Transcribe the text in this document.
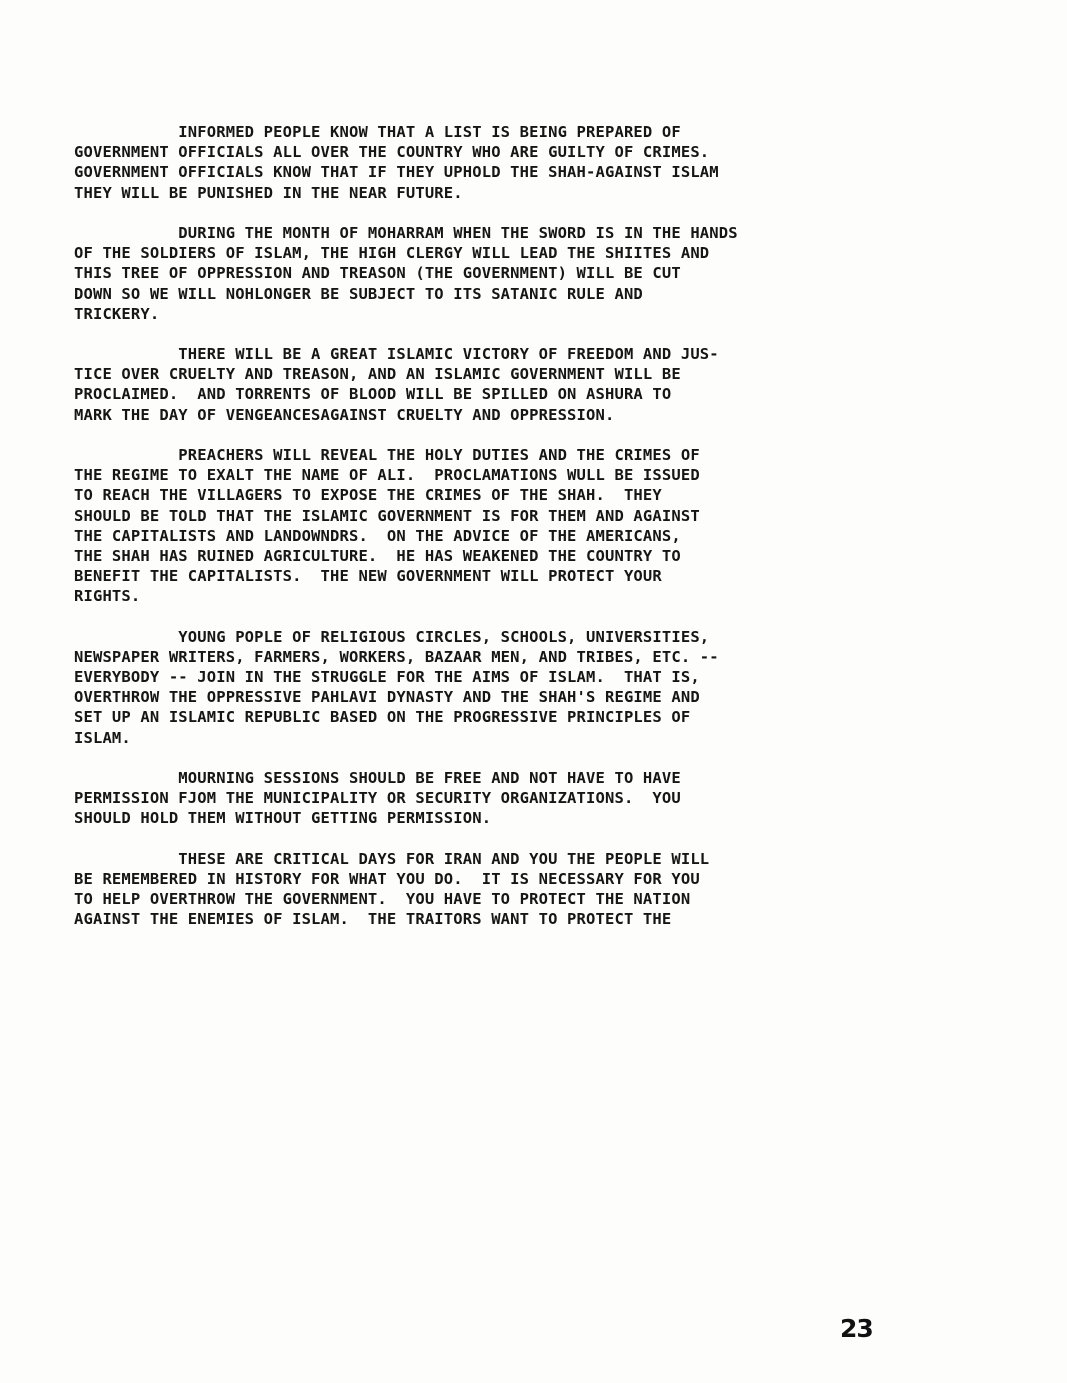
INFORMED PEOPLE KNOW THAT A LIST IS BEING PREPARED OF
GOVERNMENT OFFICIALS ALL OVER THE COUNTRY WHO ARE GUILTY OF CRIMES.
GOVERNMENT OFFICIALS KNOW THAT IF THEY UPHOLD THE SHAH-AGAINST ISLAM
THEY WILL BE PUNISHED IN THE NEAR FUTURE.
DURING THE MONTH OF MOHARRAM WHEN THE SWORD IS IN THE HANDS
OF THE SOLDIERS OF ISLAM, THE HIGH CLERGY WILL LEAD THE SHIITES AND
THIS TREE OF OPPRESSION AND TREASON (THE GOVERNMENT) WILL BE CUT
DOWN SO WE WILL NOHLONGER BE SUBJECT TO ITS SATANIC RULE AND
TRICKERY.
THERE WILL BE A GREAT ISLAMIC VICTORY OF FREEDOM AND JUS-
TICE OVER CRUELTY AND TREASON, AND AN ISLAMIC GOVERNMENT WILL BE
PROCLAIMED.  AND TORRENTS OF BLOOD WILL BE SPILLED ON ASHURA TO
MARK THE DAY OF VENGEANCESAGAINST CRUELTY AND OPPRESSION.
PREACHERS WILL REVEAL THE HOLY DUTIES AND THE CRIMES OF
THE REGIME TO EXALT THE NAME OF ALI.  PROCLAMATIONS WULL BE ISSUED
TO REACH THE VILLAGERS TO EXPOSE THE CRIMES OF THE SHAH.  THEY
SHOULD BE TOLD THAT THE ISLAMIC GOVERNMENT IS FOR THEM AND AGAINST
THE CAPITALISTS AND LANDOWNDRS.  ON THE ADVICE OF THE AMERICANS,
THE SHAH HAS RUINED AGRICULTURE.  HE HAS WEAKENED THE COUNTRY TO
BENEFIT THE CAPITALISTS.  THE NEW GOVERNMENT WILL PROTECT YOUR
RIGHTS.
YOUNG POPLE OF RELIGIOUS CIRCLES, SCHOOLS, UNIVERSITIES,
NEWSPAPER WRITERS, FARMERS, WORKERS, BAZAAR MEN, AND TRIBES, ETC. --
EVERYBODY -- JOIN IN THE STRUGGLE FOR THE AIMS OF ISLAM.  THAT IS,
OVERTHROW THE OPPRESSIVE PAHLAVI DYNASTY AND THE SHAH'S REGIME AND
SET UP AN ISLAMIC REPUBLIC BASED ON THE PROGRESSIVE PRINCIPLES OF
ISLAM.
MOURNING SESSIONS SHOULD BE FREE AND NOT HAVE TO HAVE
PERMISSION FJOM THE MUNICIPALITY OR SECURITY ORGANIZATIONS.  YOU
SHOULD HOLD THEM WITHOUT GETTING PERMISSION.
THESE ARE CRITICAL DAYS FOR IRAN AND YOU THE PEOPLE WILL
BE REMEMBERED IN HISTORY FOR WHAT YOU DO.  IT IS NECESSARY FOR YOU
TO HELP OVERTHROW THE GOVERNMENT.  YOU HAVE TO PROTECT THE NATION
AGAINST THE ENEMIES OF ISLAM.  THE TRAITORS WANT TO PROTECT THE
23
